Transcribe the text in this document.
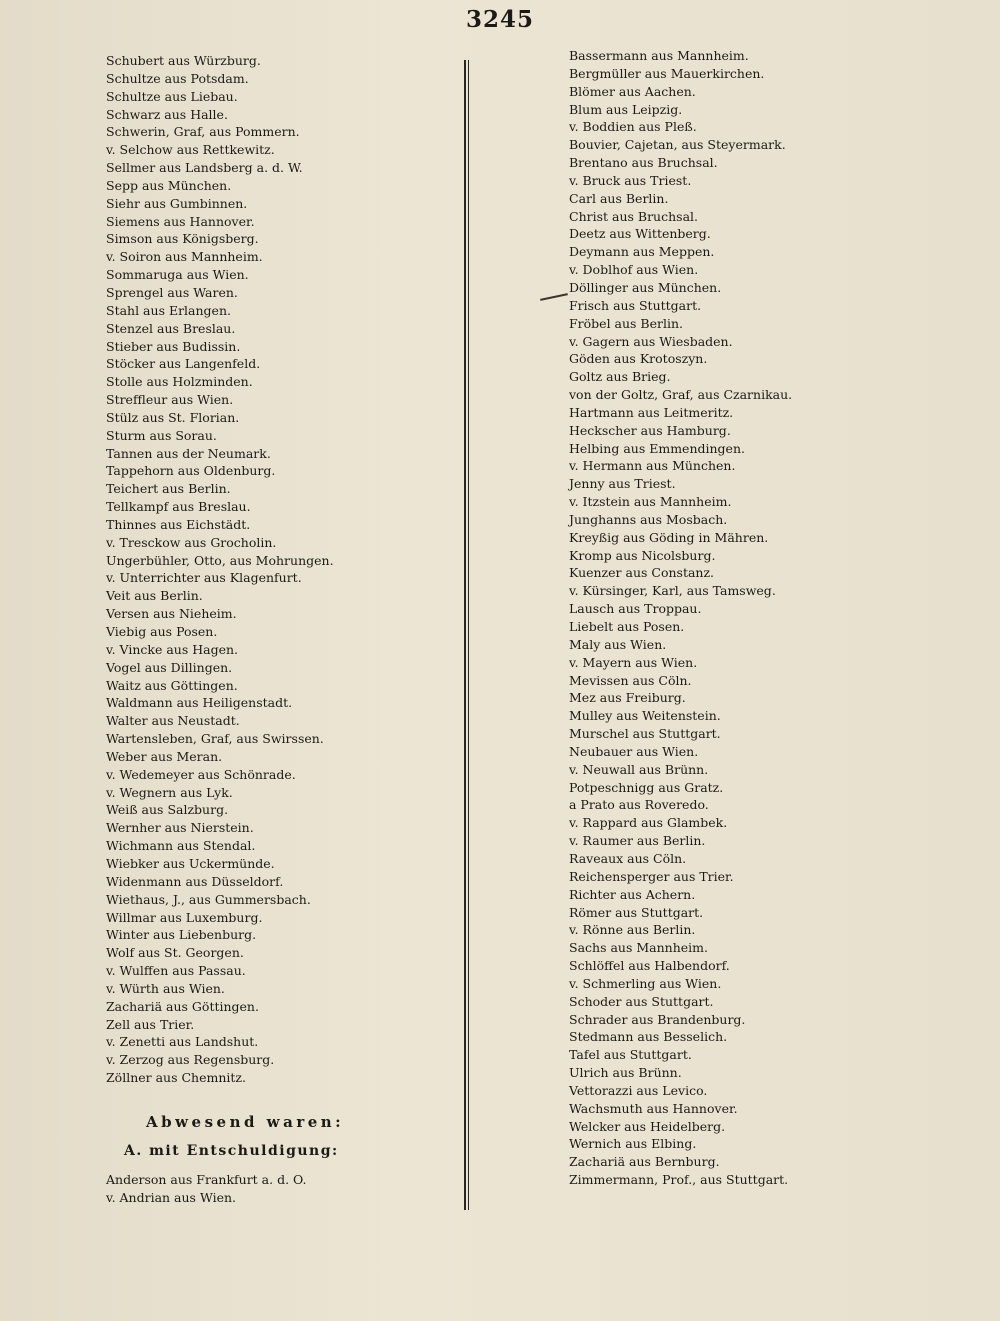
3245
Schubert aus Würzburg.
Schultze aus Potsdam.
Schultze aus Liebau.
Schwarz aus Halle.
Schwerin, Graf, aus Pommern.
v. Selchow aus Rettkewitz.
Sellmer aus Landsberg a. d. W.
Sepp aus München.
Siehr aus Gumbinnen.
Siemens aus Hannover.
Simson aus Königsberg.
v. Soiron aus Mannheim.
Sommaruga aus Wien.
Sprengel aus Waren.
Stahl aus Erlangen.
Stenzel aus Breslau.
Stieber aus Budissin.
Stöcker aus Langenfeld.
Stolle aus Holzminden.
Streffleur aus Wien.
Stülz aus St. Florian.
Sturm aus Sorau.
Tannen aus der Neumark.
Tappehorn aus Oldenburg.
Teichert aus Berlin.
Tellkampf aus Breslau.
Thinnes aus Eichstädt.
v. Tresckow aus Grocholin.
Ungerbühler, Otto, aus Mohrungen.
v. Unterrichter aus Klagenfurt.
Veit aus Berlin.
Versen aus Nieheim.
Viebig aus Posen.
v. Vincke aus Hagen.
Vogel aus Dillingen.
Waitz aus Göttingen.
Waldmann aus Heiligenstadt.
Walter aus Neustadt.
Wartensleben, Graf, aus Swirssen.
Weber aus Meran.
v. Wedemeyer aus Schönrade.
v. Wegnern aus Lyk.
Weiß aus Salzburg.
Wernher aus Nierstein.
Wichmann aus Stendal.
Wiebker aus Uckermünde.
Widenmann aus Düsseldorf.
Wiethaus, J., aus Gummersbach.
Willmar aus Luxemburg.
Winter aus Liebenburg.
Wolf aus St. Georgen.
v. Wulffen aus Passau.
v. Würth aus Wien.
Zachariä aus Göttingen.
Zell aus Trier.
v. Zenetti aus Landshut.
v. Zerzog aus Regensburg.
Zöllner aus Chemnitz.
Abwesend waren:
A. mit Entschuldigung:
Anderson aus Frankfurt a. d. O.
v. Andrian aus Wien.
Bassermann aus Mannheim.
Bergmüller aus Mauerkirchen.
Blömer aus Aachen.
Blum aus Leipzig.
v. Boddien aus Pleß.
Bouvier, Cajetan, aus Steyermark.
Brentano aus Bruchsal.
v. Bruck aus Triest.
Carl aus Berlin.
Christ aus Bruchsal.
Deetz aus Wittenberg.
Deymann aus Meppen.
v. Doblhof aus Wien.
Döllinger aus München.
Frisch aus Stuttgart.
Fröbel aus Berlin.
v. Gagern aus Wiesbaden.
Göden aus Krotoszyn.
Goltz aus Brieg.
von der Goltz, Graf, aus Czarnikau.
Hartmann aus Leitmeritz.
Heckscher aus Hamburg.
Helbing aus Emmendingen.
v. Hermann aus München.
Jenny aus Triest.
v. Itzstein aus Mannheim.
Junghanns aus Mosbach.
Kreyßig aus Göding in Mähren.
Kromp aus Nicolsburg.
Kuenzer aus Constanz.
v. Kürsinger, Karl, aus Tamsweg.
Lausch aus Troppau.
Liebelt aus Posen.
Maly aus Wien.
v. Mayern aus Wien.
Mevissen aus Cöln.
Mez aus Freiburg.
Mulley aus Weitenstein.
Murschel aus Stuttgart.
Neubauer aus Wien.
v. Neuwall aus Brünn.
Potpeschnigg aus Gratz.
a Prato aus Roveredo.
v. Rappard aus Glambek.
v. Raumer aus Berlin.
Raveaux aus Cöln.
Reichensperger aus Trier.
Richter aus Achern.
Römer aus Stuttgart.
v. Rönne aus Berlin.
Sachs aus Mannheim.
Schlöffel aus Halbendorf.
v. Schmerling aus Wien.
Schoder aus Stuttgart.
Schrader aus Brandenburg.
Stedmann aus Besselich.
Tafel aus Stuttgart.
Ulrich aus Brünn.
Vettorazzi aus Levico.
Wachsmuth aus Hannover.
Welcker aus Heidelberg.
Wernich aus Elbing.
Zachariä aus Bernburg.
Zimmermann, Prof., aus Stuttgart.
